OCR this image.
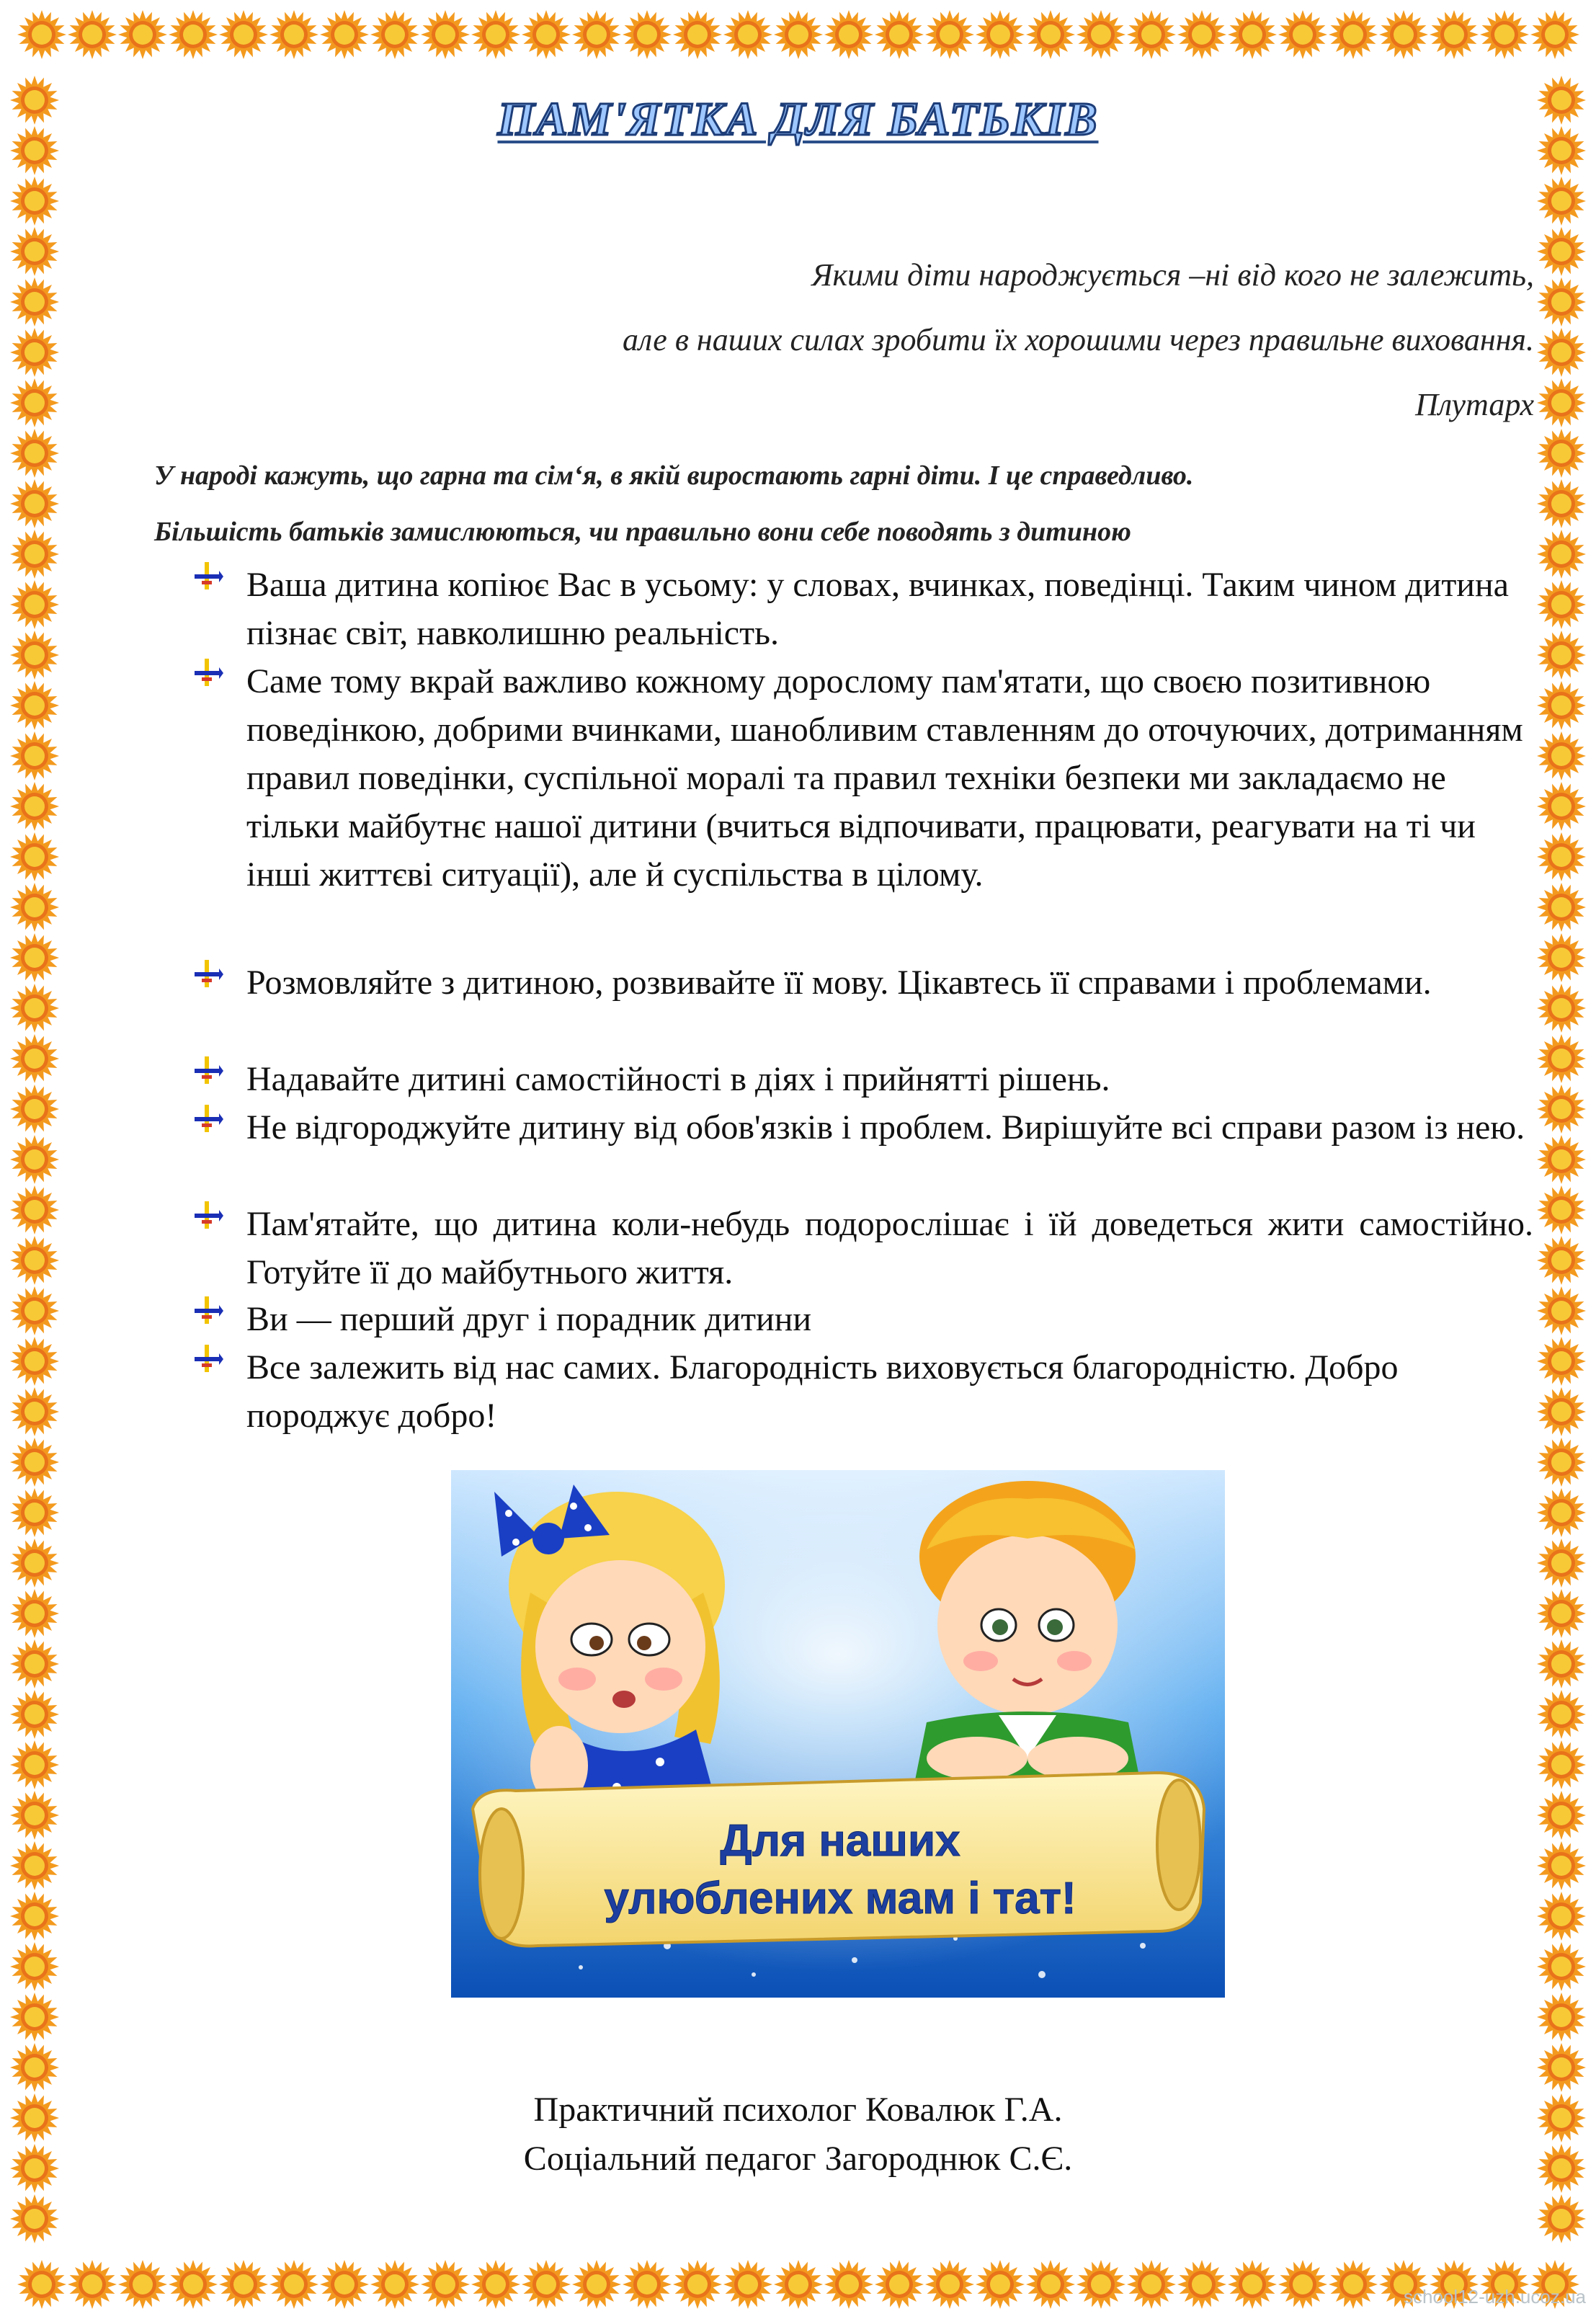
ПАМ'ЯТКА ДЛЯ БАТЬКІВ
Якими діти народжується –ні від кого не залежить,
але в наших силах зробити їх хорошими через правильне виховання.
Плутарх
У народі кажуть, що гарна та сім‘я, в якій виростають гарні діти. І це справедливо.
Більшість батьків замислюються, чи правильно вони себе поводять з дитиною
Ваша дитина копіює Вас в усьому: у словах, вчинках, поведінці. Таким чином дитина пізнає світ, навколишню реальність.
Саме тому вкрай важливо кожному дорослому пам'ятати, що своєю позитивною поведінкою, добрими вчинками, шанобливим ставленням до оточуючих, дотриманням правил поведінки, суспільної моралі та правил техніки безпеки ми закладаємо не тільки майбутнє нашої дитини (вчиться відпочивати, працювати, реагувати на ті чи інші життєві ситуації), але й суспільства в цілому.
Розмовляйте з дитиною, розвивайте її мову. Цікавтесь її справами і проблемами.
Надавайте дитині самостійності в діях і прийнятті рішень.
Не відгороджуйте дитину від обов'язків і проблем. Вирішуйте всі справи разом із нею.
Пам'ятайте, що дитина коли-небудь подорослішає і їй доведеться жити самостійно. Готуйте її до майбутнього життя.
Ви — перший друг і порадник дитини
Все залежить від нас самих. Благородність виховується благородністю. Добро породжує добро!
Для наших
улюблених мам і тат!
Практичний психолог Ковалюк Г.А.
Соціальний педагог Загороднюк С.Є.
school12-uzh.ucoz.ua
